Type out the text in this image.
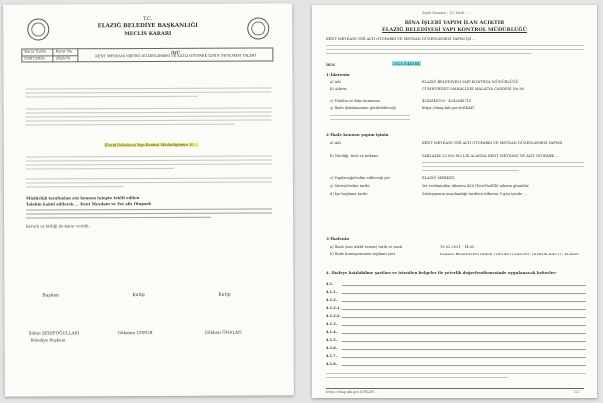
T.C.
ELAZIĞ BELEDİYE BAŞKANLIĞI
MECLİS KARARI
Karar Tarihi	Karar No	ÖZÜ
KENT MEYDANI METRO DÜZENLEMESİ VE KATLI OTOPARK İZNİN YAPILMASI TALEBİ
03/07/2020	2020/76	
Elazığ Belediyesi Yapı Kontrol Müdürlüğünün 10 ...
Müdürlük tarafından söz konusu talepte teklif edilen
Talebin kabul edilerek ... Kent Meydanı ve Yer altı Otopark
kararlı oy birliği ile karar verildi.
Başkan	Katip	Katip
Şahin ŞERİFOĞULLARI	Gökmen ÇOPUR	Gökhan ÖNALAN
Belediye Başkanı
Sayfa Numara : 1/2 Tarih : ...
BİNA İŞLERİ YAPIM İLAN ACIKTIR
ELAZIĞ BELEDİYESİ YAPI KONTROL MÜDÜRLÜĞÜ
KENT MEYDANI YER ALTI OTOPARKI VE MEYDAN DÜZENLEMESİ YAPIM İŞİ ...
İKN	2021/148384
1-İdarenin
a) Adı	ELAZIĞ BELEDİYESİ YAPI KONTROL MÜDÜRLÜĞÜ
b) Adresi	CUMHURİYET MAHALLESİ MALATYA CADDESİ No:36
c) Telefon ve faks numarası	4242648700 - 4242648710
ç) İhale dokümanının görülebileceği	https://ekap.kik.gov.tr/EKAP/
2-İhale konusu yapım işinin
a) Adı	KENT MEYDANI YER ALTI OTOPARKI VE MEYDAN DÜZENLEMESİ YAPIMI
b) Niteliği, türü ve miktarı	YAKLAŞIK 25.000 M2 LİK ALANDA KENT MEYDANI VE ALTI OTOPARK ...
c) Yapılacağı/teslim edileceği yer	ELAZIĞ MERKEZ
ç) Süresi/teslim tarihi	Yer tesliminden itibaren 450 (DörtYüzElli) takvim günüdür.
d) İşe başlama tarihi	Sözleşmenin imzalandığı tarihten itibaren 5 gün içinde ...
3-İhalenin
a) İhale (son teklif verme) tarih ve saati	19.02.2021 - 14:00
b) İhale komisyonunun toplantı yeri	ELAZIĞ BELEDİYESİ İHALE TOPLANTI SALONU (A BLOK KAT:1) / ELAZIĞ
4. İhaleye katılabilme şartları ve istenilen belgeler ile yeterlik değerlendirmesinde uygulanacak kriterler:
4.1.
4.1.1.
4.1.2.
4.1.2.1.
4.1.2.2.
4.1.3.
4.1.4.
4.1.5.
4.1.6.
4.1.7.
4.1.8.
https://ekap.kik.gov.tr/EKAP/...	1/2
